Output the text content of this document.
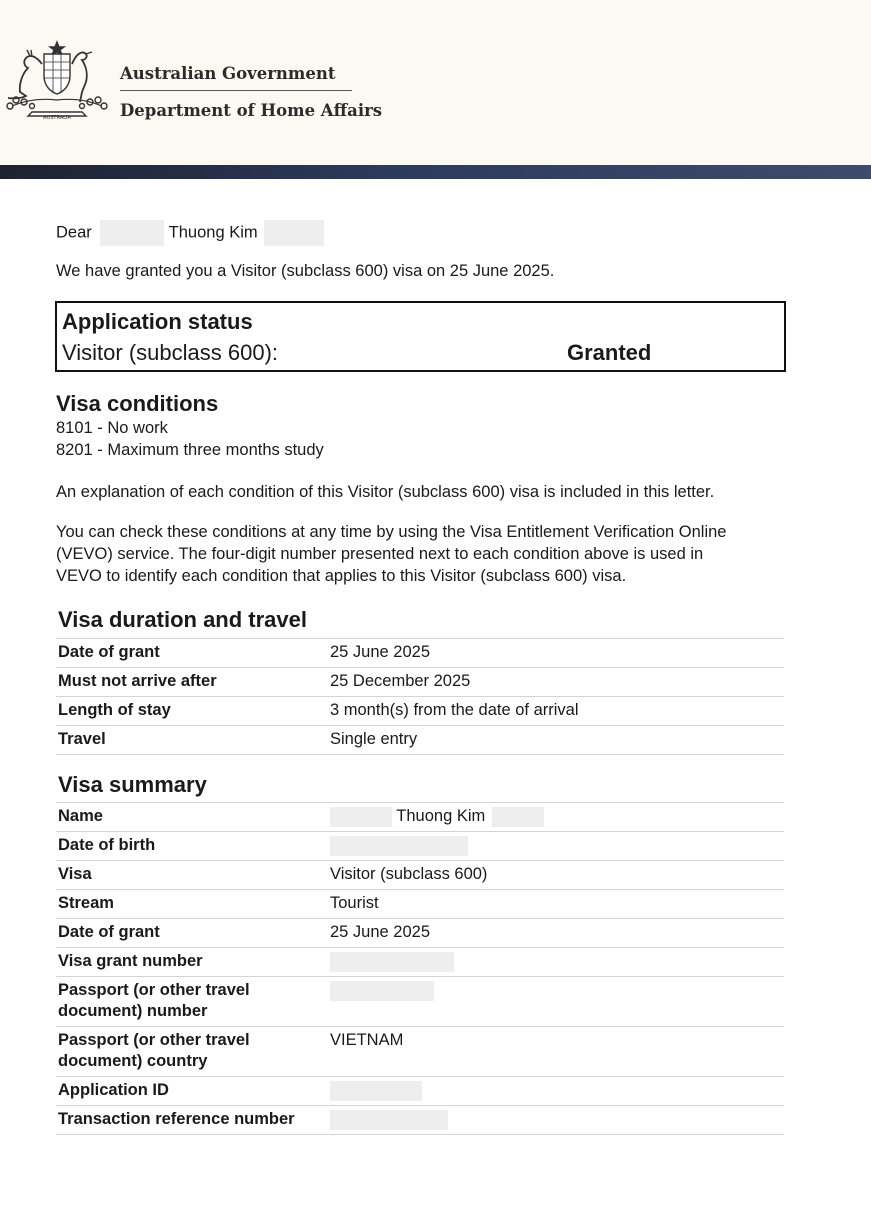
AUSTRALIA
Australian Government
Department of Home Affairs
Dear	Thuong Kim
We have granted you a Visitor (subclass 600) visa on 25 June 2025.
Application status
Visitor (subclass 600):	Granted
Visa conditions
8101 - No work
8201 - Maximum three months study
An explanation of each condition of this Visitor (subclass 600) visa is included in this letter.
You can check these conditions at any time by using the Visa Entitlement Verification Online
(VEVO) service. The four-digit number presented next to each condition above is used in
VEVO to identify each condition that applies to this Visitor (subclass 600) visa.
Visa duration and travel
Date of grant	25 June 2025
Must not arrive after	25 December 2025
Length of stay	3 month(s) from the date of arrival
Travel	Single entry
Visa summary
Name	Thuong Kim
Date of birth	
Visa	Visitor (subclass 600)
Stream	Tourist
Date of grant	25 June 2025
Visa grant number	
Passport (or other travel document) number	
Passport (or other travel document) country	VIETNAM
Application ID	
Transaction reference number	
